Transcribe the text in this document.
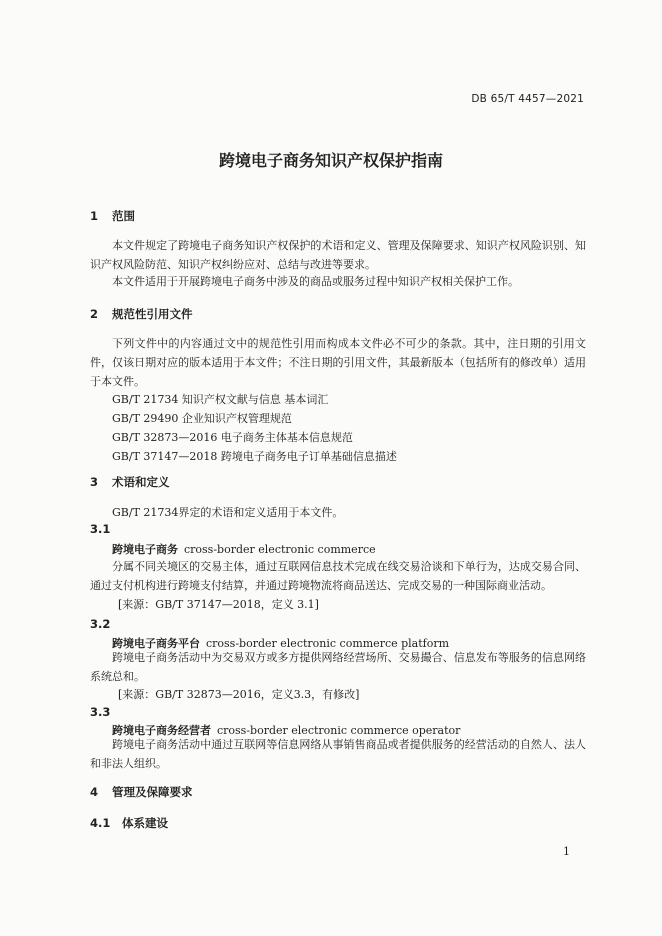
DB 65/T 4457—2021
跨境电子商务知识产权保护指南
1 范围
本文件规定了跨境电子商务知识产权保护的术语和定义、管理及保障要求、知识产权风险识别、知识产权风险防范、知识产权纠纷应对、总结与改进等要求。
本文件适用于开展跨境电子商务中涉及的商品或服务过程中知识产权相关保护工作。
2 规范性引用文件
下列文件中的内容通过文中的规范性引用而构成本文件必不可少的条款。其中，注日期的引用文件，仅该日期对应的版本适用于本文件；不注日期的引用文件，其最新版本（包括所有的修改单）适用于本文件。
GB/T 21734 知识产权文献与信息 基本词汇
GB/T 29490 企业知识产权管理规范
GB/T 32873—2016 电子商务主体基本信息规范
GB/T 37147—2018 跨境电子商务电子订单基础信息描述
3 术语和定义
GB/T 21734界定的术语和定义适用于本文件。
3.1
跨境电子商务 cross-border electronic commerce
分属不同关境区的交易主体，通过互联网信息技术完成在线交易洽谈和下单行为，达成交易合同、通过支付机构进行跨境支付结算，并通过跨境物流将商品送达、完成交易的一种国际商业活动。
[来源：GB/T 37147—2018，定义 3.1]
3.2
跨境电子商务平台 cross-border electronic commerce platform
跨境电子商务活动中为交易双方或多方提供网络经营场所、交易撮合、信息发布等服务的信息网络系统总和。
[来源：GB/T 32873—2016，定义3.3，有修改]
3.3
跨境电子商务经营者 cross-border electronic commerce operator
跨境电子商务活动中通过互联网等信息网络从事销售商品或者提供服务的经营活动的自然人、法人和非法人组织。
4 管理及保障要求
4.1 体系建设
1
